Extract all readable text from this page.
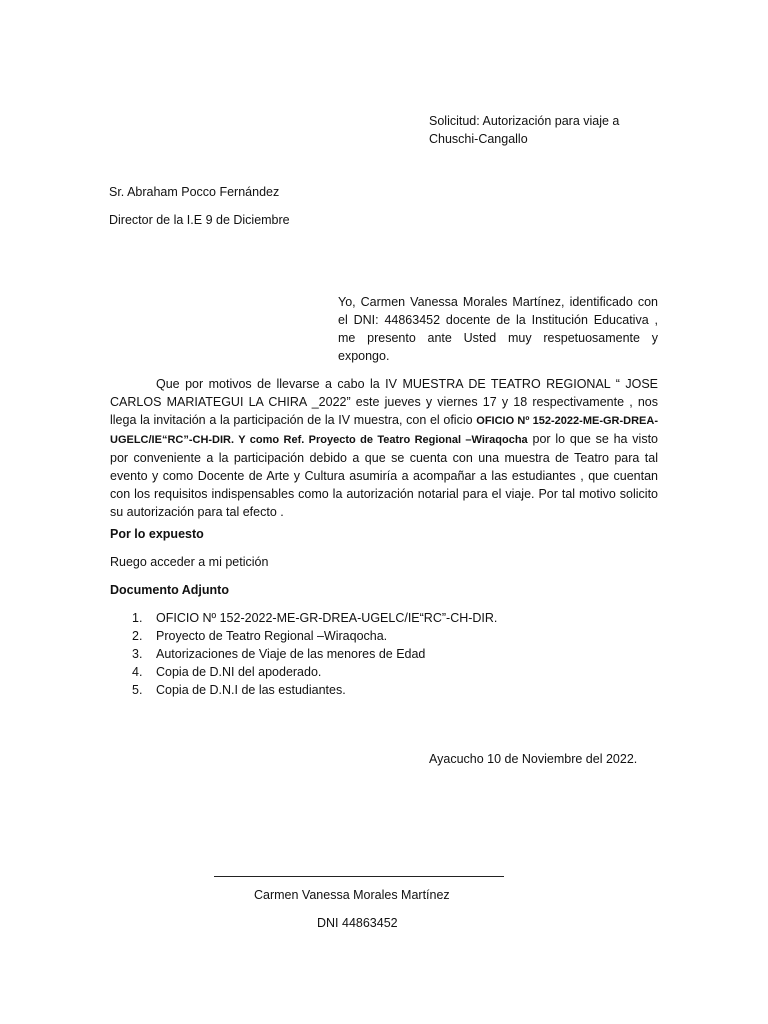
Solicitud: Autorización para viaje a
Chuschi-Cangallo
Sr. Abraham Pocco Fernández
Director de la I.E 9 de Diciembre
Yo, Carmen Vanessa Morales Martínez, identificado con el DNI: 44863452 docente de la Institución Educativa , me presento ante Usted muy respetuosamente y expongo.
Que por motivos de llevarse a cabo la IV MUESTRA DE TEATRO REGIONAL “ JOSE CARLOS MARIATEGUI LA CHIRA _2022” este jueves y viernes 17 y 18 respectivamente , nos llega la invitación a la participación de la IV muestra, con el oficio OFICIO Nº 152-2022-ME-GR-DREA-UGELC/IE“RC”-CH-DIR. Y como Ref. Proyecto de Teatro Regional –Wiraqocha por lo que se ha visto por conveniente a la participación debido a que se cuenta con una muestra de Teatro para tal evento y como Docente de Arte y Cultura asumiría a acompañar a las estudiantes , que cuentan con los requisitos indispensables como la autorización notarial para el viaje. Por tal motivo solicito su autorización para tal efecto .
Por lo expuesto
Ruego acceder a mi petición
Documento Adjunto
1.	OFICIO Nº 152-2022-ME-GR-DREA-UGELC/IE“RC”-CH-DIR.
2.	Proyecto de Teatro Regional –Wiraqocha.
3.	Autorizaciones de Viaje de las menores de Edad
4.	Copia de D.NI del apoderado.
5.	Copia de D.N.I de las estudiantes.
Ayacucho 10 de Noviembre del 2022.
Carmen Vanessa Morales Martínez
DNI 44863452
